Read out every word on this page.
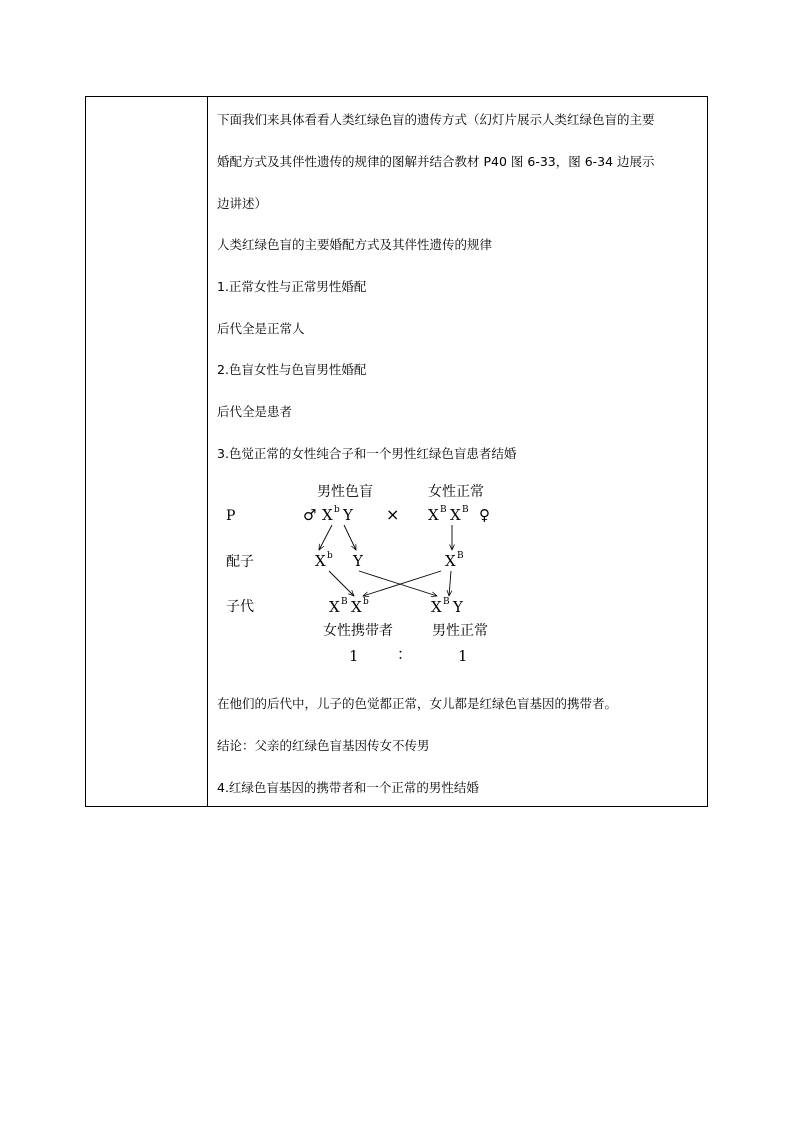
下面我们来具体看看人类红绿色盲的遗传方式（幻灯片展示人类红绿色盲的主要
婚配方式及其伴性遗传的规律的图解并结合教材 P40 图 6-33，图 6-34 边展示
边讲述）
人类红绿色盲的主要婚配方式及其伴性遗传的规律
1.正常女性与正常男性婚配
后代全是正常人
2.色盲女性与色盲男性婚配
后代全是患者
3.色觉正常的女性纯合子和一个男性红绿色盲患者结婚
P
配子
子代
男性色盲	女性正常
♂ X b Y × X B X B ♀
X b Y	X B
X B X b	X B Y
女性携带者	男性正常
1	：	1
在他们的后代中，儿子的色觉都正常，女儿都是红绿色盲基因的携带者。
结论：父亲的红绿色盲基因传女不传男
4.红绿色盲基因的携带者和一个正常的男性结婚
